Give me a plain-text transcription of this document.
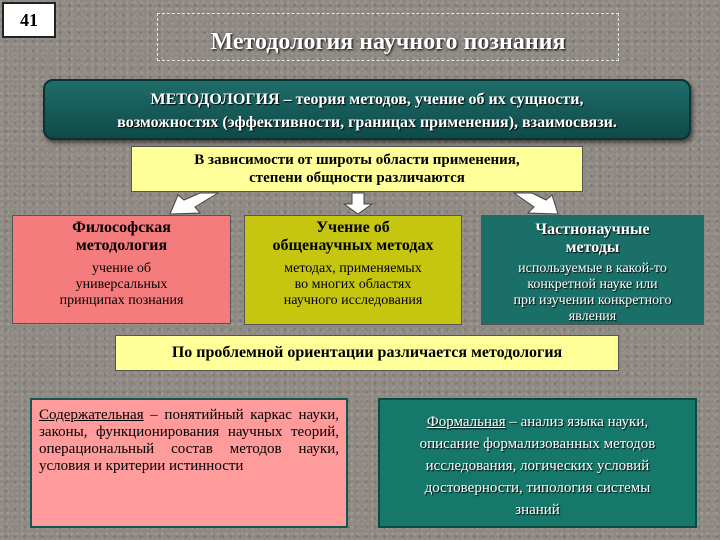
41
Методология научного познания
МЕТОДОЛОГИЯ – теория методов, учение об их сущности,
возможностях (эффективности, границах применения), взаимосвязи.
В зависимости от широты области применения,
степени общности различаются
Философская
методология
учение об
универсальных
принципах познания
Учение об
общенаучных методах
методах, применяемых
во многих областях
научного исследования
Частнонаучные
методы
используемые в какой-то
конкретной науке или
при изучении конкретного
явления
По проблемной ориентации различается методология
Содержательная – понятийный каркас науки, законы, функционирования научных теорий, операциональный состав методов науки, условия и критерии истинности
Формальная – анализ языка науки,
описание формализованных методов
исследования, логических условий
достоверности, типология системы
знаний
